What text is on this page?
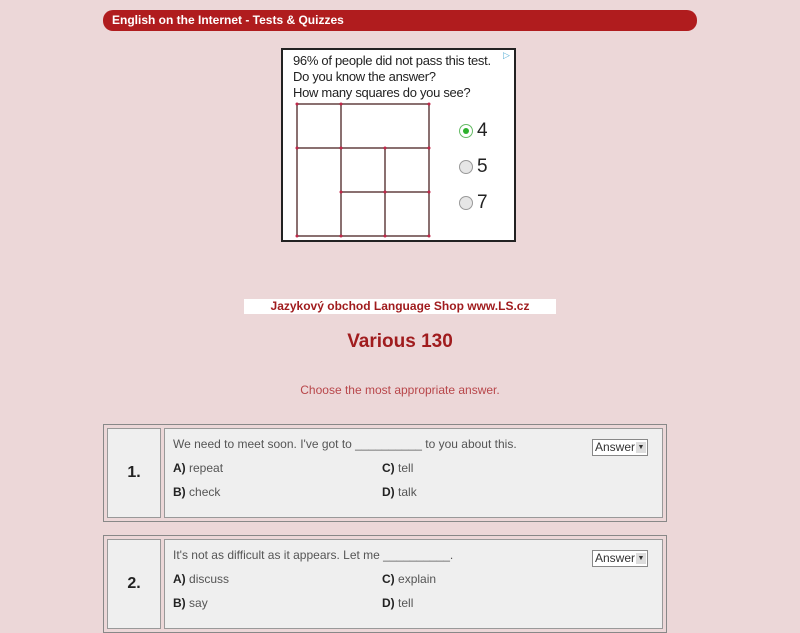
English on the Internet - Tests & Quizzes
▷
96% of people did not pass this test.
Do you know the answer?
How many squares do you see?
4
5
7
Jazykový obchod Language Shop www.LS.cz
Various 130
Choose the most appropriate answer.
1.
We need to meet soon. I've got to __________ to you about this.
A) repeat
B) check
C) tell
D) talk
Answer ▼
2.
It's not as difficult as it appears. Let me __________.
A) discuss
B) say
C) explain
D) tell
Answer ▼
